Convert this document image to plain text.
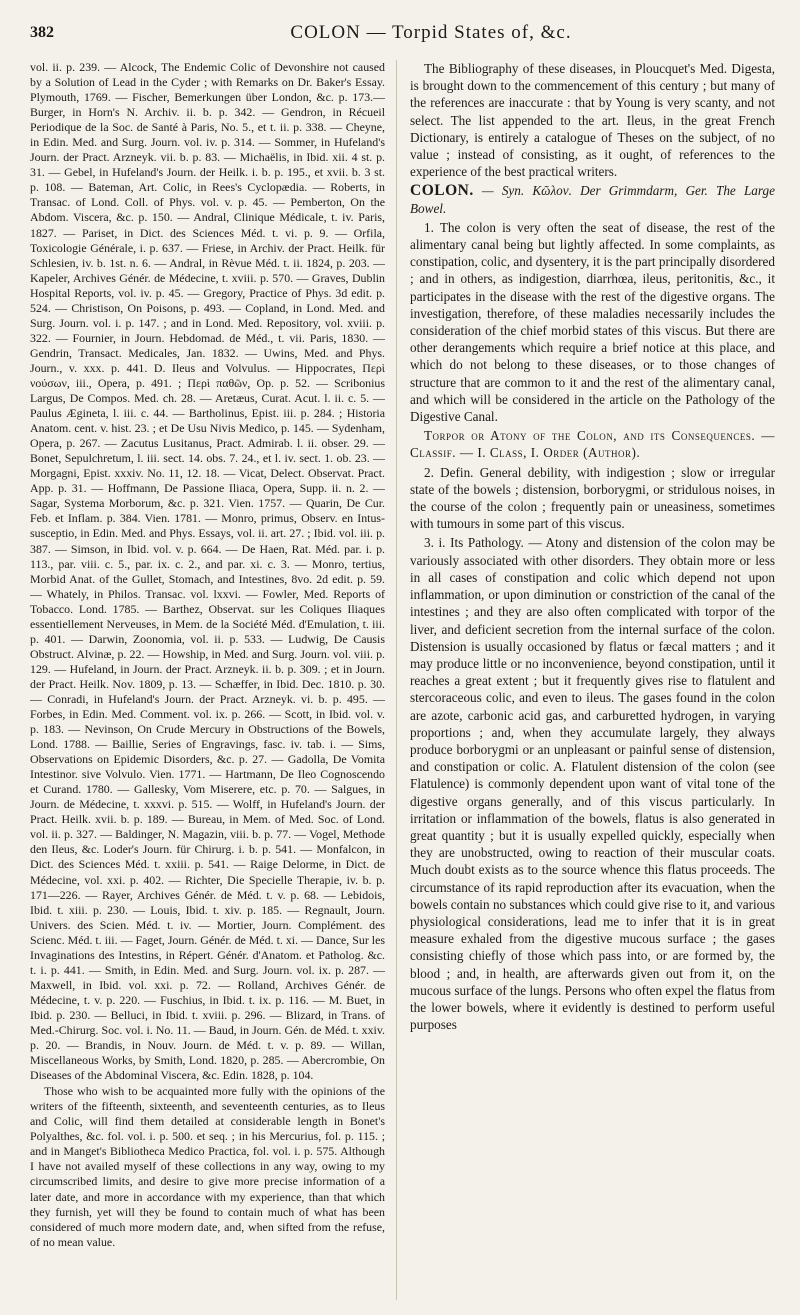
382	COLON — Torpid States of, &c.

vol. ii. p. 239. — Alcock, The Endemic Colic of Devonshire not caused by a Solution of Lead in the Cyder ; with Remarks on Dr. Baker's Essay. Plymouth, 1769. — Fischer, Bemerkungen über London, &c. p. 173.— Burger, in Horn's N. Archiv. ii. b. p. 342. — Gendron, in Récueil Periodique de la Soc. de Santé à Paris, No. 5., et t. ii. p. 338. — Cheyne, in Edin. Med. and Surg. Journ. vol. iv. p. 314. — Sommer, in Hufeland's Journ. der Pract. Arzneyk. vii. b. p. 83. — Michaëlis, in Ibid. xii. 4 st. p. 31. — Gebel, in Hufeland's Journ. der Heilk. i. b. p. 195., et xvii. b. 3 st. p. 108. — Bateman, Art. Colic, in Rees's Cyclopædia. — Roberts, in Transac. of Lond. Coll. of Phys. vol. v. p. 45. — Pemberton, On the Abdom. Viscera, &c. p. 150. — Andral, Clinique Médicale, t. iv. Paris, 1827. — Pariset, in Dict. des Sciences Méd. t. vi. p. 9. — Orfila, Toxicologie Générale, i. p. 637. — Friese, in Archiv. der Pract. Heilk. für Schlesien, iv. b. 1st. n. 6. — Andral, in Rèvue Méd. t. ii. 1824, p. 203. — Kapeler, Archives Génér. de Médecine, t. xviii. p. 570. — Graves, Dublin Hospital Reports, vol. iv. p. 45. — Gregory, Practice of Phys. 3d edit. p. 524. — Christison, On Poisons, p. 493. — Copland, in Lond. Med. and Surg. Journ. vol. i. p. 147. ; and in Lond. Med. Repository, vol. xviii. p. 322. — Fournier, in Journ. Hebdomad. de Méd., t. vii. Paris, 1830. — Gendrin, Transact. Medicales, Jan. 1832. — Uwins, Med. and Phys. Journ., v. xxx. p. 441. D. Ileus and Volvulus. — Hippocrates, Περὶ νούσων, iii., Opera, p. 491. ; Περὶ παθῶν, Op. p. 52. — Scribonius Largus, De Compos. Med. ch. 28. — Aretæus, Curat. Acut. l. ii. c. 5. — Paulus Ægineta, l. iii. c. 44. — Bartholinus, Epist. iii. p. 284. ; Historia Anatom. cent. v. hist. 23. ; et De Usu Nivis Medico, p. 145. — Sydenham, Opera, p. 267. — Zacutus Lusitanus, Pract. Admirab. l. ii. obser. 29. — Bonet, Sepulchretum, l. iii. sect. 14. obs. 7. 24., et l. iv. sect. 1. ob. 23. — Morgagni, Epist. xxxiv. No. 11, 12. 18. — Vicat, Delect. Observat. Pract. App. p. 31. — Hoffmann, De Passione Iliaca, Opera, Supp. ii. n. 2. — Sagar, Systema Morborum, &c. p. 321. Vien. 1757. — Quarin, De Cur. Feb. et Inflam. p. 384. Vien. 1781. — Monro, primus, Observ. en Intus-susceptio, in Edin. Med. and Phys. Essays, vol. ii. art. 27. ; Ibid. vol. iii. p. 387. — Simson, in Ibid. vol. v. p. 664. — De Haen, Rat. Méd. par. i. p. 113., par. viii. c. 5., par. ix. c. 2., and par. xi. c. 3. — Monro, tertius, Morbid Anat. of the Gullet, Stomach, and Intestines, 8vo. 2d edit. p. 59. — Whately, in Philos. Transac. vol. lxxvi. — Fowler, Med. Reports of Tobacco. Lond. 1785. — Barthez, Observat. sur les Coliques Iliaques essentiellement Nerveuses, in Mem. de la Société Méd. d'Emulation, t. iii. p. 401. — Darwin, Zoonomia, vol. ii. p. 533. — Ludwig, De Causis Obstruct. Alvinæ, p. 22. — Howship, in Med. and Surg. Journ. vol. viii. p. 129. — Hufeland, in Journ. der Pract. Arzneyk. ii. b. p. 309. ; et in Journ. der Pract. Heilk. Nov. 1809, p. 13. — Schæffer, in Ibid. Dec. 1810. p. 30. — Conradi, in Hufeland's Journ. der Pract. Arzneyk. vi. b. p. 495. — Forbes, in Edin. Med. Comment. vol. ix. p. 266. — Scott, in Ibid. vol. v. p. 183. — Nevinson, On Crude Mercury in Obstructions of the Bowels, Lond. 1788. — Baillie, Series of Engravings, fasc. iv. tab. i. — Sims, Observations on Epidemic Disorders, &c. p. 27. — Gadolla, De Vomita Intestinor. sive Volvulo. Vien. 1771. — Hartmann, De Ileo Cognoscendo et Curand. 1780. — Gallesky, Vom Miserere, etc. p. 70. — Salgues, in Journ. de Médecine, t. xxxvi. p. 515. — Wolff, in Hufeland's Journ. der Pract. Heilk. xvii. b. p. 189. — Bureau, in Mem. of Med. Soc. of Lond. vol. ii. p. 327. — Baldinger, N. Magazin, viii. b. p. 77. — Vogel, Methode den Ileus, &c. Loder's Journ. für Chirurg. i. b. p. 541. — Monfalcon, in Dict. des Sciences Méd. t. xxiii. p. 541. — Raige Delorme, in Dict. de Médecine, vol. xxi. p. 402. — Richter, Die Specielle Therapie, iv. b. p. 171—226. — Rayer, Archives Génér. de Méd. t. v. p. 68. — Lebidois, Ibid. t. xiii. p. 230. — Louis, Ibid. t. xiv. p. 185. — Regnault, Journ. Univers. des Scien. Méd. t. iv. — Mortier, Journ. Complément. des Scienc. Méd. t. iii. — Faget, Journ. Génér. de Méd. t. xi. — Dance, Sur les Invaginations des Intestins, in Répert. Génér. d'Anatom. et Patholog. &c. t. i. p. 441. — Smith, in Edin. Med. and Surg. Journ. vol. ix. p. 287. — Maxwell, in Ibid. vol. xxi. p. 72. — Rolland, Archives Génér. de Médecine, t. v. p. 220. — Fuschius, in Ibid. t. ix. p. 116. — M. Buet, in Ibid. p. 230. — Belluci, in Ibid. t. xviii. p. 296. — Blizard, in Trans. of Med.-Chirurg. Soc. vol. i. No. 11. — Baud, in Journ. Gén. de Méd. t. xxiv. p. 20. — Brandis, in Nouv. Journ. de Méd. t. v. p. 89. — Willan, Miscellaneous Works, by Smith, Lond. 1820, p. 285. — Abercrombie, On Diseases of the Abdominal Viscera, &c. Edin. 1828, p. 104.

Those who wish to be acquainted more fully with the opinions of the writers of the fifteenth, sixteenth, and seventeenth centuries, as to Ileus and Colic, will find them detailed at considerable length in Bonet's Polyalthes, &c. fol. vol. i. p. 500. et seq. ; in his Mercurius, fol. p. 115. ; and in Manget's Bibliotheca Medico Practica, fol. vol. i. p. 575. Although I have not availed myself of these collections in any way, owing to my circumscribed limits, and desire to give more precise information of a later date, and more in accordance with my experience, than that which they furnish, yet will they be found to contain much of what has been considered of much more modern date, and, when sifted from the refuse, of no mean value.

The Bibliography of these diseases, in Ploucquet's Med. Digesta, is brought down to the commencement of this century ; but many of the references are inaccurate : that by Young is very scanty, and not select. The list appended to the art. Ileus, in the great French Dictionary, is entirely a catalogue of Theses on the subject, of no value ; instead of consisting, as it ought, of references to the experience of the best practical writers.

COLON. — Syn. Κῶλον. Der Grimmdarm, Ger. The Large Bowel.

1. The colon is very often the seat of disease, the rest of the alimentary canal being but lightly affected. In some complaints, as constipation, colic, and dysentery, it is the part principally disordered ; and in others, as indigestion, diarrhœa, ileus, peritonitis, &c., it participates in the disease with the rest of the digestive organs. The investigation, therefore, of these maladies necessarily includes the consideration of the chief morbid states of this viscus. But there are other derangements which require a brief notice at this place, and which do not belong to these diseases, or to those changes of structure that are common to it and the rest of the alimentary canal, and which will be considered in the article on the Pathology of the Digestive Canal.

Torpor or Atony of the Colon, and its Consequences. — Classif. — I. Class, I. Order (Author).

2. Defin. General debility, with indigestion ; slow or irregular state of the bowels ; distension, borborygmi, or stridulous noises, in the course of the colon ; frequently pain or uneasiness, sometimes with tumours in some part of this viscus.

3. i. Its Pathology. — Atony and distension of the colon may be variously associated with other disorders. They obtain more or less in all cases of constipation and colic which depend not upon inflammation, or upon diminution or constriction of the canal of the intestines ; and they are also often complicated with torpor of the liver, and deficient secretion from the internal surface of the colon. Distension is usually occasioned by flatus or fæcal matters ; and it may produce little or no inconvenience, beyond constipation, until it reaches a great extent ; but it frequently gives rise to flatulent and stercoraceous colic, and even to ileus. The gases found in the colon are azote, carbonic acid gas, and carburetted hydrogen, in varying proportions ; and, when they accumulate largely, they always produce borborygmi or an unpleasant or painful sense of distension, and constipation or colic. A. Flatulent distension of the colon (see Flatulence) is commonly dependent upon want of vital tone of the digestive organs generally, and of this viscus particularly. In irritation or inflammation of the bowels, flatus is also generated in great quantity ; but it is usually expelled quickly, especially when they are unobstructed, owing to reaction of their muscular coats. Much doubt exists as to the source whence this flatus proceeds. The circumstance of its rapid reproduction after its evacuation, when the bowels contain no substances which could give rise to it, and various physiological considerations, lead me to infer that it is in great measure exhaled from the digestive mucous surface ; the gases consisting chiefly of those which pass into, or are formed by, the blood ; and, in health, are afterwards given out from it, on the mucous surface of the lungs. Persons who often expel the flatus from the lower bowels, where it evidently is destined to perform useful purposes
